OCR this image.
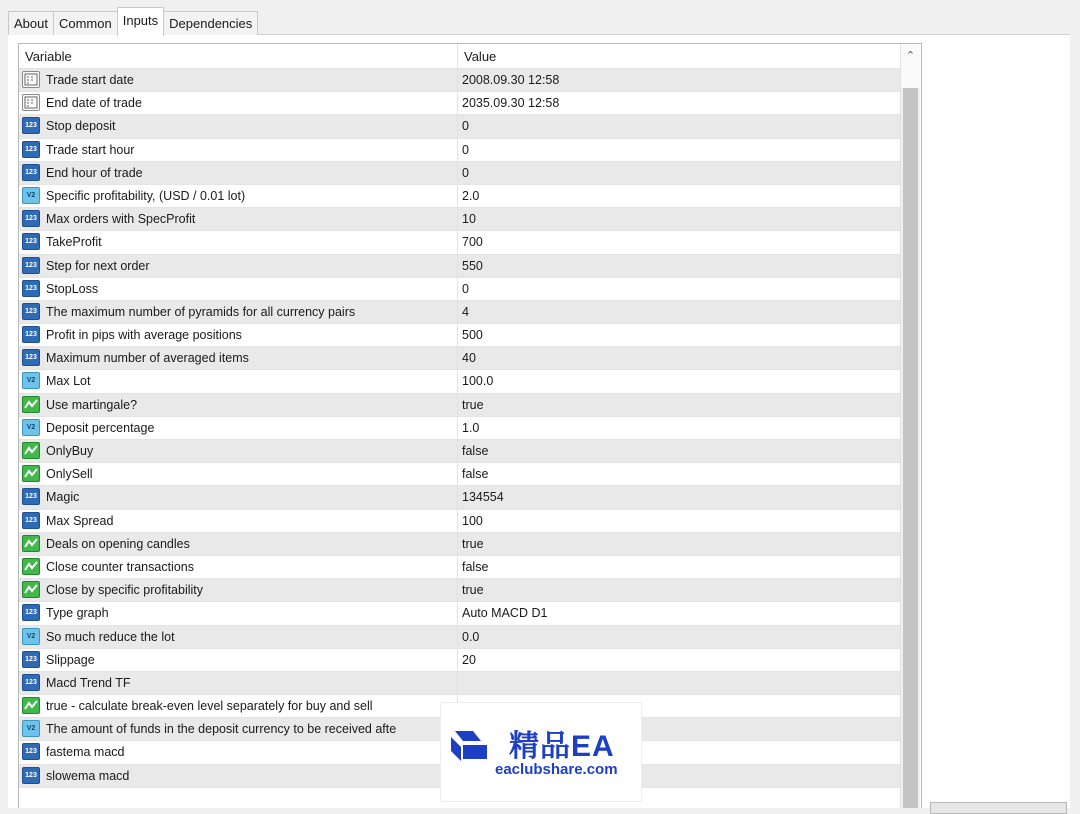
About Common Inputs Dependencies
Variable	Value
Trade start date	2008.09.30 12:58
End date of trade	2035.09.30 12:58
123 Stop deposit	0
123 Trade start hour	0
123 End hour of trade	0
V2 Specific profitability, (USD / 0.01 lot)	2.0
123 Max orders with SpecProfit	10
123 TakeProfit	700
123 Step for next order	550
123 StopLoss	0
123 The maximum number of pyramids for all currency pairs	4
123 Profit in pips with average positions	500
123 Maximum number of averaged items	40
V2 Max Lot	100.0
Use martingale?	true
V2 Deposit percentage	1.0
OnlyBuy	false
OnlySell	false
123 Magic	134554
123 Max Spread	100
Deals on opening candles	true
Close counter transactions	false
Close by specific profitability	true
123 Type graph	Auto MACD D1
V2 So much reduce the lot	0.0
123 Slippage	20
123 Macd Trend TF
true - calculate break-even level separately for buy and sell
V2 The amount of funds in the deposit currency to be received afte
123 fastema macd
123 slowema macd
⌃
精品EA
eaclubshare.com
